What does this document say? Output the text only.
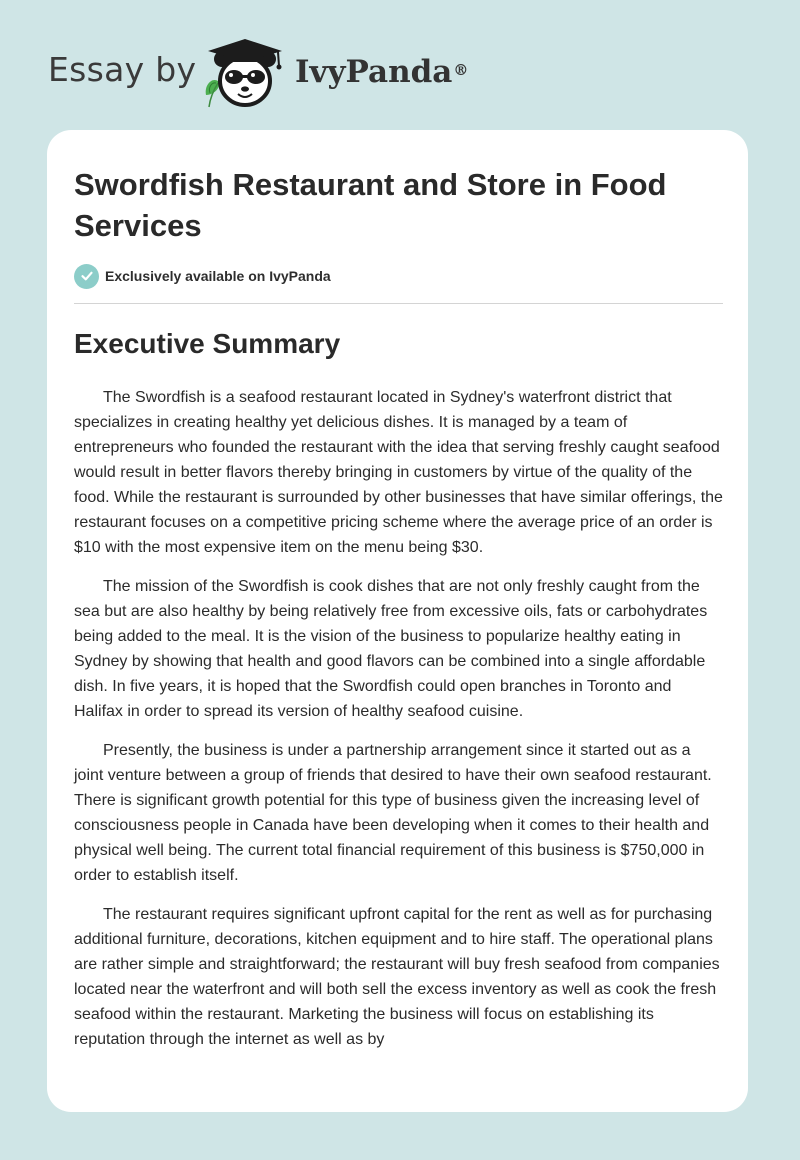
Essay by	IvyPanda®
Swordfish Restaurant and Store in Food Services
Exclusively available on IvyPanda
Executive Summary

The Swordfish is a seafood restaurant located in Sydney's waterfront district that specializes in creating healthy yet delicious dishes. It is managed by a team of entrepreneurs who founded the restaurant with the idea that serving freshly caught seafood would result in better flavors thereby bringing in customers by virtue of the quality of the food. While the restaurant is surrounded by other businesses that have similar offerings, the restaurant focuses on a competitive pricing scheme where the average price of an order is $10 with the most expensive item on the menu being $30.

The mission of the Swordfish is cook dishes that are not only freshly caught from the sea but are also healthy by being relatively free from excessive oils, fats or carbohydrates being added to the meal. It is the vision of the business to popularize healthy eating in Sydney by showing that health and good flavors can be combined into a single affordable dish. In five years, it is hoped that the Swordfish could open branches in Toronto and Halifax in order to spread its version of healthy seafood cuisine.

Presently, the business is under a partnership arrangement since it started out as a joint venture between a group of friends that desired to have their own seafood restaurant. There is significant growth potential for this type of business given the increasing level of consciousness people in Canada have been developing when it comes to their health and physical well being. The current total financial requirement of this business is $750,000 in order to establish itself.

The restaurant requires significant upfront capital for the rent as well as for purchasing additional furniture, decorations, kitchen equipment and to hire staff. The operational plans are rather simple and straightforward; the restaurant will buy fresh seafood from companies located near the waterfront and will both sell the excess inventory as well as cook the fresh seafood within the restaurant. Marketing the business will focus on establishing its reputation through the internet as well as by
